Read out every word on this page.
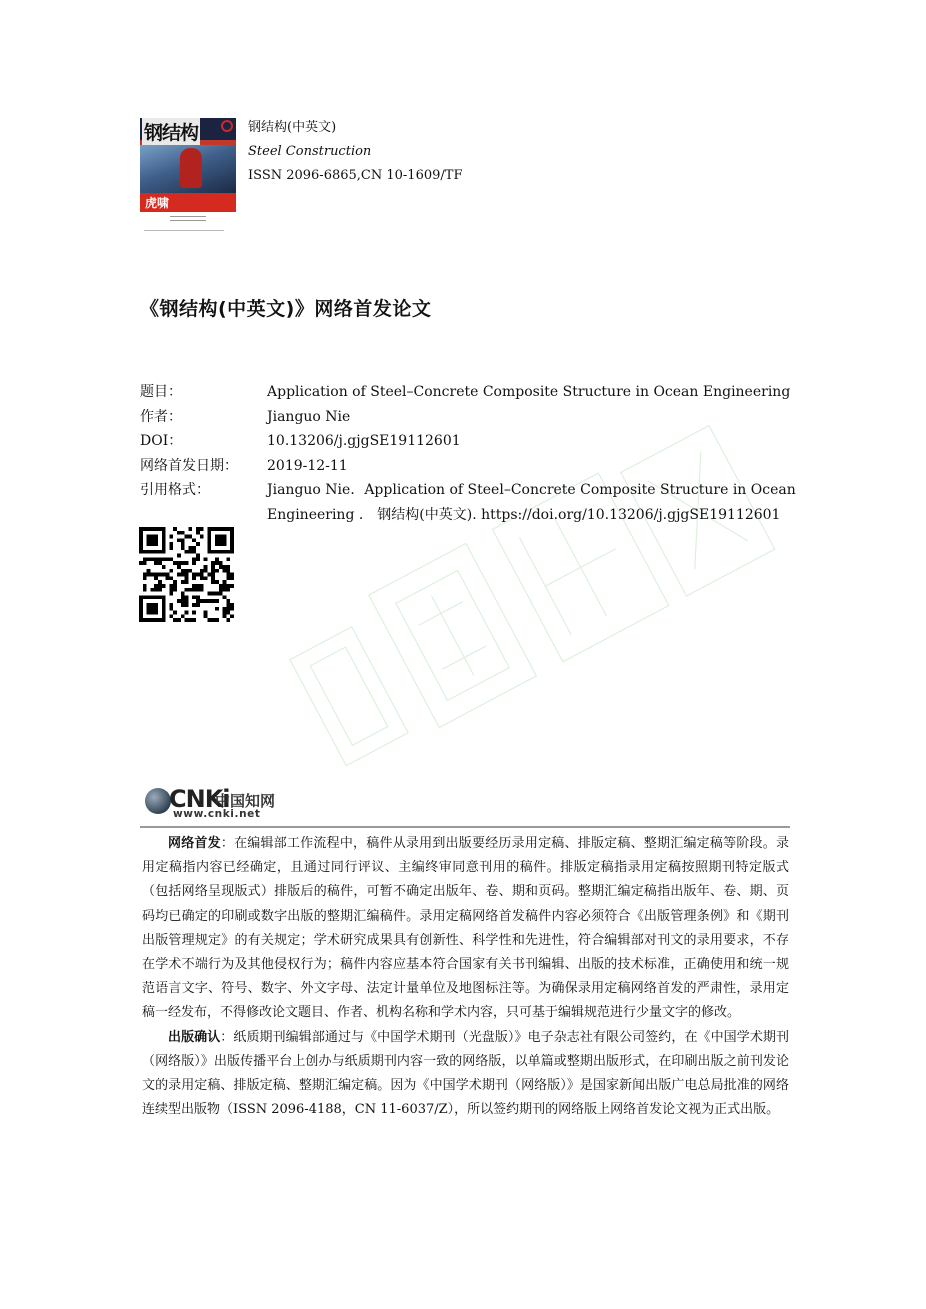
钢结构
虎啸
钢结构(中英文)
Steel Construction
ISSN 2096-6865,CN 10-1609/TF
《钢结构(中英文)》网络首发论文
题目：	Application of Steel–Concrete Composite Structure in Ocean Engineering
作者：	Jianguo Nie
DOI：	10.13206/j.gjgSE19112601
网络首发日期： 2019-12-11
引用格式：	Jianguo Nie．Application of Steel–Concrete Composite Structure in Ocean
Engineering ． 钢结构(中英文). https://doi.org/10.13206/j.gjgSE19112601
CNKi
中国知网
www.cnki.net

网络首发：在编辑部工作流程中，稿件从录用到出版要经历录用定稿、排版定稿、整期汇编定稿等阶段。录用定稿指内容已经确定，且通过同行评议、主编终审同意刊用的稿件。排版定稿指录用定稿按照期刊特定版式（包括网络呈现版式）排版后的稿件，可暂不确定出版年、卷、期和页码。整期汇编定稿指出版年、卷、期、页码均已确定的印刷或数字出版的整期汇编稿件。录用定稿网络首发稿件内容必须符合《出版管理条例》和《期刊出版管理规定》的有关规定；学术研究成果具有创新性、科学性和先进性，符合编辑部对刊文的录用要求，不存在学术不端行为及其他侵权行为；稿件内容应基本符合国家有关书刊编辑、出版的技术标准，正确使用和统一规范语言文字、符号、数字、外文字母、法定计量单位及地图标注等。为确保录用定稿网络首发的严肃性，录用定稿一经发布，不得修改论文题目、作者、机构名称和学术内容，只可基于编辑规范进行少量文字的修改。

出版确认：纸质期刊编辑部通过与《中国学术期刊（光盘版）》电子杂志社有限公司签约，在《中国学术期刊（网络版）》出版传播平台上创办与纸质期刊内容一致的网络版，以单篇或整期出版形式，在印刷出版之前刊发论文的录用定稿、排版定稿、整期汇编定稿。因为《中国学术期刊（网络版）》是国家新闻出版广电总局批准的网络连续型出版物（ISSN 2096-4188，CN 11-6037/Z），所以签约期刊的网络版上网络首发论文视为正式出版。
